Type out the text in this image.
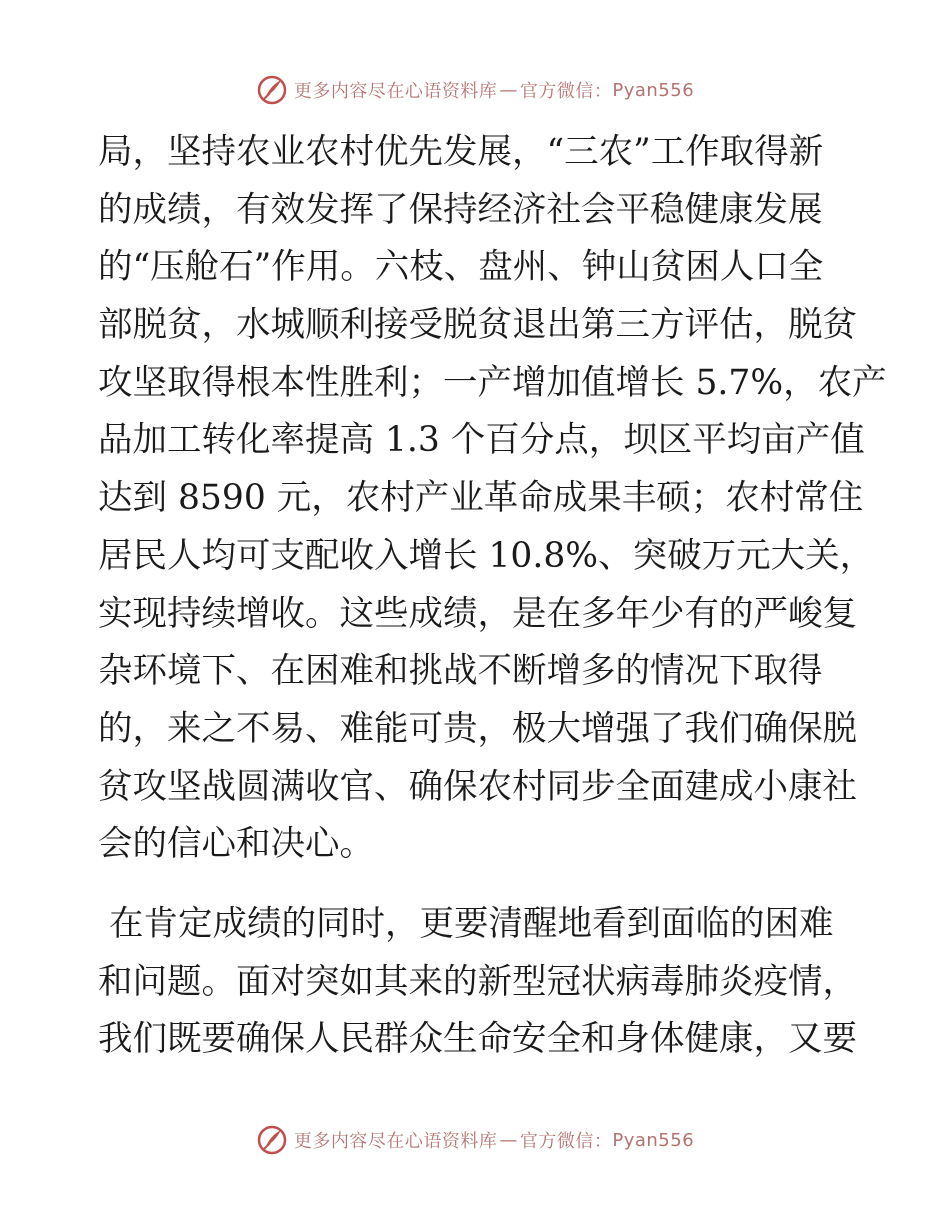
更多内容尽在心语资料库 — 官方微信： Pyan556
局，坚持农业农村优先发展，“三农”工作取得新
的成绩，有效发挥了保持经济社会平稳健康发展
的“压舱石”作用。六枝、盘州、钟山贫困人口全
部脱贫，水城顺利接受脱贫退出第三方评估，脱贫
攻坚取得根本性胜利；一产增加值增长 5.7%，农产
品加工转化率提高 1.3 个百分点，坝区平均亩产值
达到 8590 元，农村产业革命成果丰硕；农村常住
居民人均可支配收入增长 10.8%、突破万元大关，
实现持续增收。这些成绩，是在多年少有的严峻复
杂环境下、在困难和挑战不断增多的情况下取得
的，来之不易、难能可贵，极大增强了我们确保脱
贫攻坚战圆满收官、确保农村同步全面建成小康社
会的信心和决心。
在肯定成绩的同时，更要清醒地看到面临的困难
和问题。面对突如其来的新型冠状病毒肺炎疫情，
我们既要确保人民群众生命安全和身体健康，又要
更多内容尽在心语资料库 — 官方微信： Pyan556
